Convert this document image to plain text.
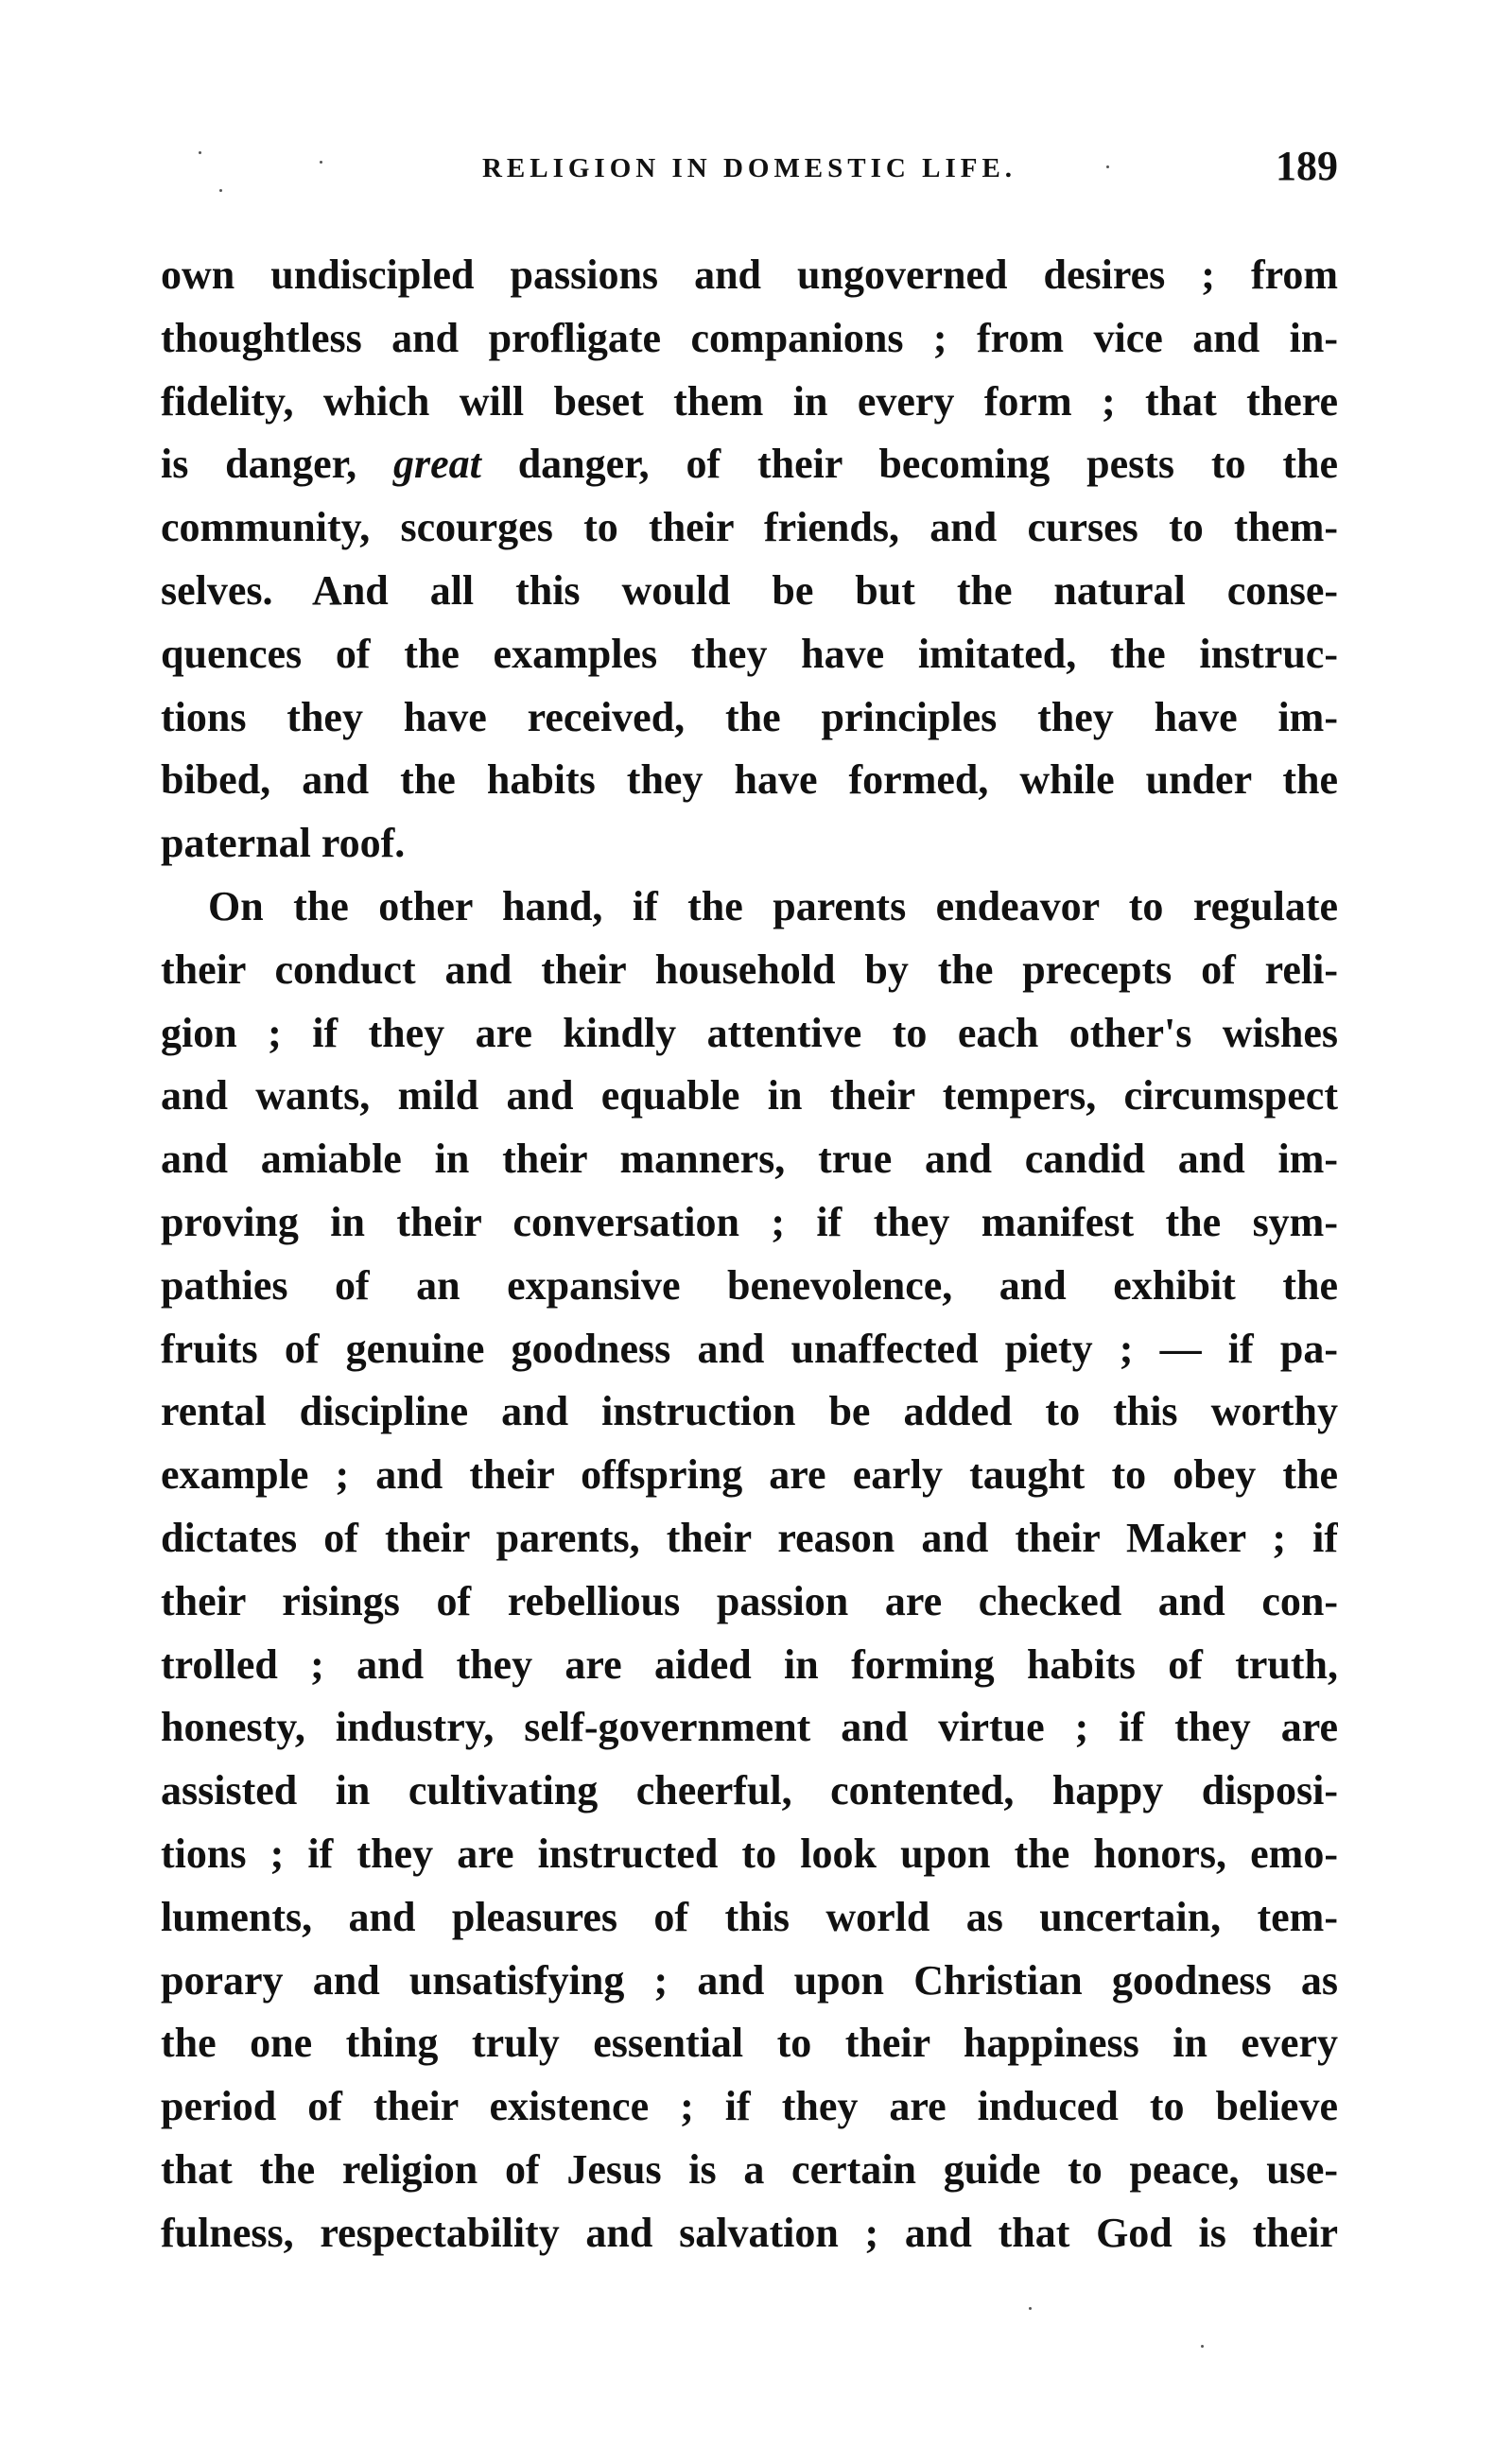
RELIGION IN DOMESTIC LIFE.	189
own undiscipled passions and ungoverned desires ; from
thoughtless and profligate companions ; from vice and in-
fidelity, which will beset them in every form ; that there
is danger, great danger, of their becoming pests to the
community, scourges to their friends, and curses to them-
selves. And all this would be but the natural conse-
quences of the examples they have imitated, the instruc-
tions they have received, the principles they have im-
bibed, and the habits they have formed, while under the
paternal roof.
On the other hand, if the parents endeavor to regulate
their conduct and their household by the precepts of reli-
gion ; if they are kindly attentive to each other's wishes
and wants, mild and equable in their tempers, circumspect
and amiable in their manners, true and candid and im-
proving in their conversation ; if they manifest the sym-
pathies of an expansive benevolence, and exhibit the
fruits of genuine goodness and unaffected piety ; — if pa-
rental discipline and instruction be added to this worthy
example ; and their offspring are early taught to obey the
dictates of their parents, their reason and their Maker ; if
their risings of rebellious passion are checked and con-
trolled ; and they are aided in forming habits of truth,
honesty, industry, self-government and virtue ; if they are
assisted in cultivating cheerful, contented, happy disposi-
tions ; if they are instructed to look upon the honors, emo-
luments, and pleasures of this world as uncertain, tem-
porary and unsatisfying ; and upon Christian goodness as
the one thing truly essential to their happiness in every
period of their existence ; if they are induced to believe
that the religion of Jesus is a certain guide to peace, use-
fulness, respectability and salvation ; and that God is their
